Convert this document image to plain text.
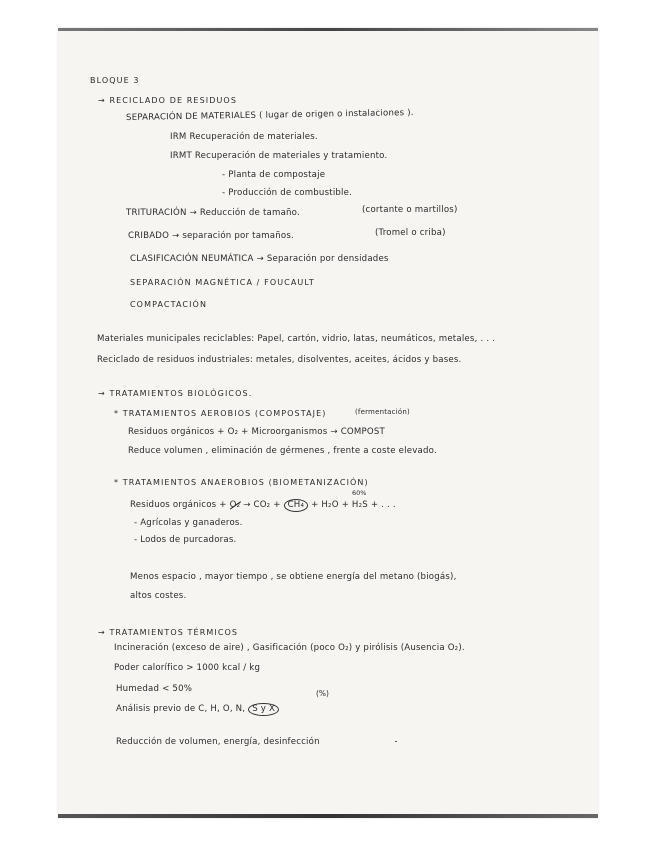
BLOQUE 3
→ RECICLADO DE RESIDUOS
SEPARACIÓN DE MATERIALES ( lugar de origen o instalaciones ).
IRM Recuperación de materiales.
IRMT Recuperación de materiales y tratamiento.
- Planta de compostaje
- Producción de combustible.
TRITURACIÓN → Reducción de tamaño.	(cortante o martillos)
CRIBADO → separación por tamaños.	(Tromel o criba)
CLASIFICACIÓN NEUMÁTICA → Separación por densidades
SEPARACIÓN MAGNÉTICA / FOUCAULT
COMPACTACIÓN
Materiales municipales reciclables: Papel, cartón, vidrio, latas, neumáticos, metales, . . .
Reciclado de residuos industriales: metales, disolventes, aceites, ácidos y bases.
→ TRATAMIENTOS BIOLÓGICOS.
* TRATAMIENTOS AEROBIOS (COMPOSTAJE)	(fermentación)
Residuos orgánicos + O₂ + Microorganismos → COMPOST
Reduce volumen , eliminación de gérmenes , frente a coste elevado.
* TRATAMIENTOS ANAEROBIOS (BIOMETANIZACIÓN)
60%
Residuos orgánicos + O₂ → CO₂ + CH₄ + H₂O + H₂S + . . .
- Agrícolas y ganaderos.
- Lodos de purcadoras.
Menos espacio , mayor tiempo , se obtiene energía del metano (biogás),
altos costes.
→ TRATAMIENTOS TÉRMICOS
Incineración (exceso de aire) , Gasificación (poco O₂) y pirólisis (Ausencia O₂).
Poder calorífico > 1000 kcal / kg
Humedad < 50%
Análisis previo de C, H, O, N, S y X
(%)
Reducción de volumen, energía, desinfección
